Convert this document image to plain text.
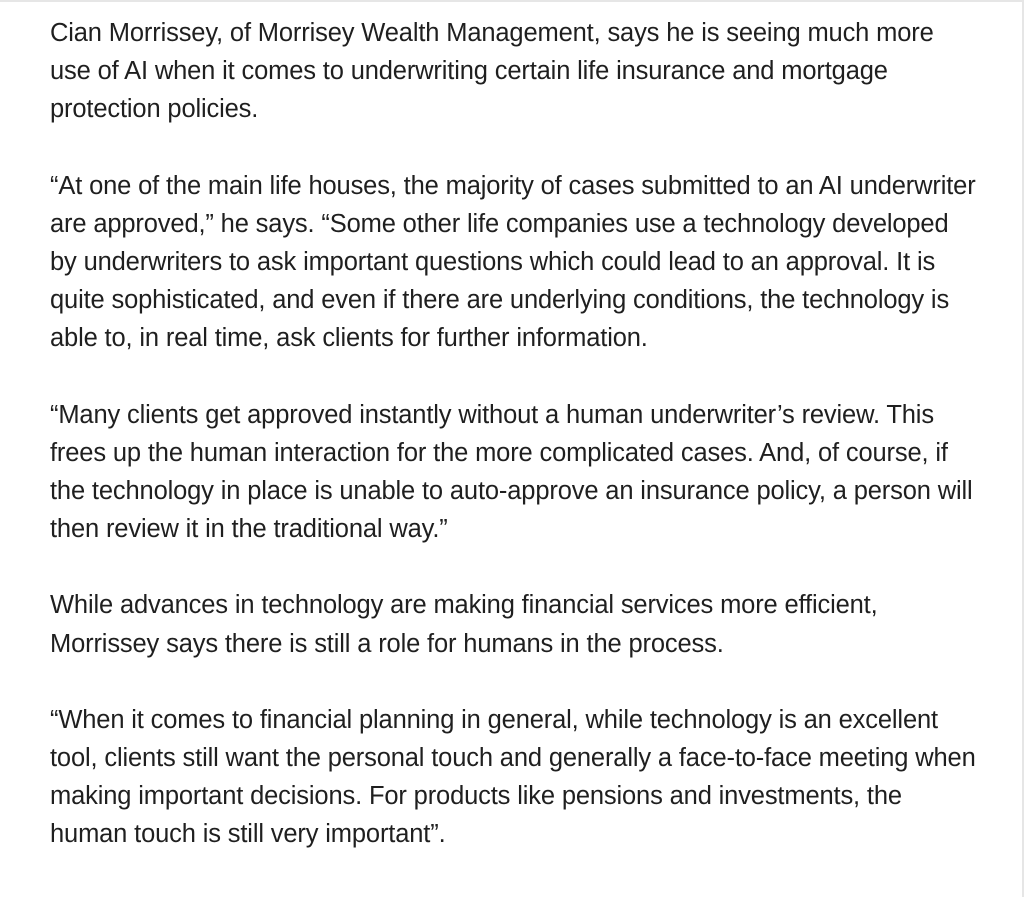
Cian Morrissey, of Morrisey Wealth Management, says he is seeing much more use of AI when it comes to underwriting certain life insurance and mortgage protection policies.

“At one of the main life houses, the majority of cases submitted to an AI underwriter are approved,” he says. “Some other life companies use a technology developed by underwriters to ask important questions which could lead to an approval. It is quite sophisticated, and even if there are underlying conditions, the technology is able to, in real time, ask clients for further information.

“Many clients get approved instantly without a human underwriter’s review. This frees up the human interaction for the more complicated cases. And, of course, if the technology in place is unable to auto-approve an insurance policy, a person will then review it in the traditional way.”

While advances in technology are making financial services more efficient, Morrissey says there is still a role for humans in the process.

“When it comes to financial planning in general, while technology is an excellent tool, clients still want the personal touch and generally a face-to-face meeting when making important decisions. For products like pensions and investments, the human touch is still very important”.
